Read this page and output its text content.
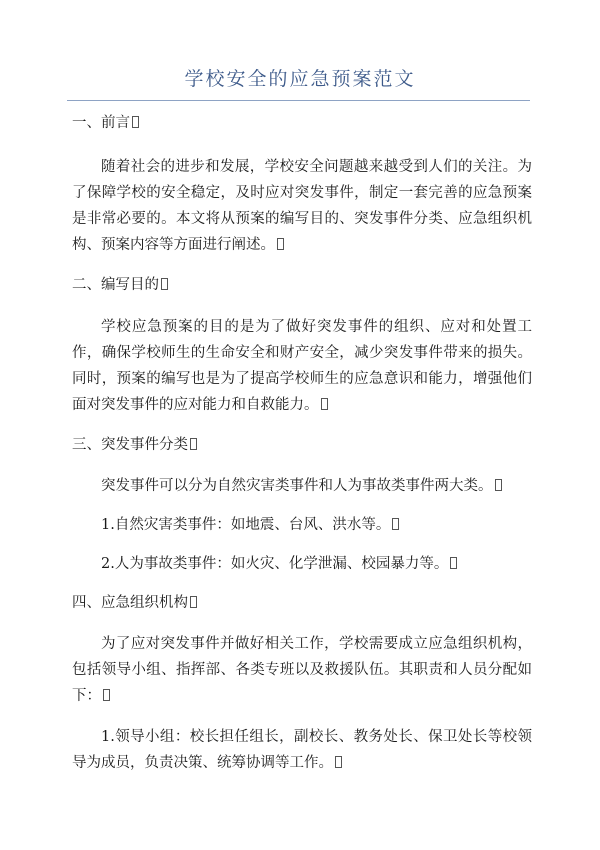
学校安全的应急预案范文

一、前言

随着社会的进步和发展，学校安全问题越来越受到人们的关注。为了保障学校的安全稳定，及时应对突发事件，制定一套完善的应急预案是非常必要的。本文将从预案的编写目的、突发事件分类、应急组织机构、预案内容等方面进行阐述。

二、编写目的

学校应急预案的目的是为了做好突发事件的组织、应对和处置工作，确保学校师生的生命安全和财产安全，减少突发事件带来的损失。同时，预案的编写也是为了提高学校师生的应急意识和能力，增强他们面对突发事件的应对能力和自救能力。

三、突发事件分类

突发事件可以分为自然灾害类事件和人为事故类事件两大类。

1.自然灾害类事件：如地震、台风、洪水等。

2.人为事故类事件：如火灾、化学泄漏、校园暴力等。

四、应急组织机构

为了应对突发事件并做好相关工作，学校需要成立应急组织机构，包括领导小组、指挥部、各类专班以及救援队伍。其职责和人员分配如下：

1.领导小组：校长担任组长，副校长、教务处长、保卫处长等校领导为成员，负责决策、统筹协调等工作。
